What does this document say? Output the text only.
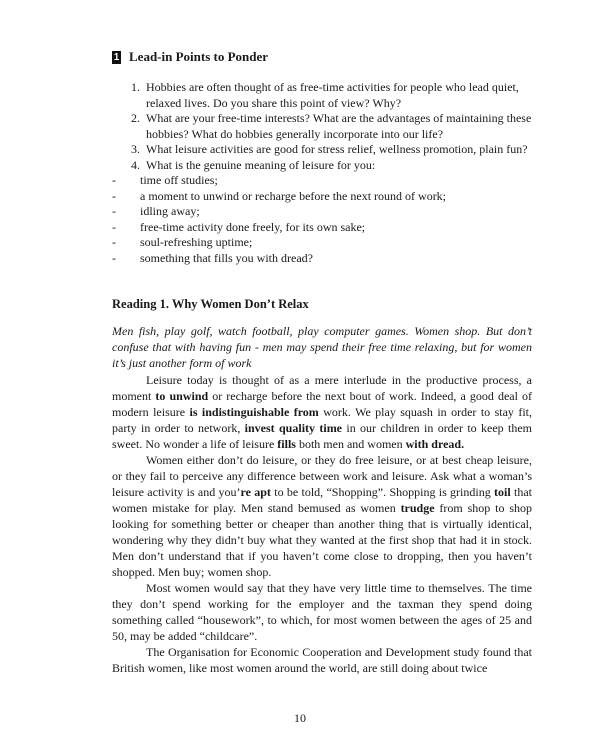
1 Lead-in Points to Ponder
1. Hobbies are often thought of as free-time activities for people who lead quiet, relaxed lives. Do you share this point of view? Why?
2. What are your free-time interests? What are the advantages of maintaining these hobbies? What do hobbies generally incorporate into our life?
3. What leisure activities are good for stress relief, wellness promotion, plain fun?
4. What is the genuine meaning of leisure for you:
-	time off studies;
-	a moment to unwind or recharge before the next round of work;
-	idling away;
-	free-time activity done freely, for its own sake;
-	soul-refreshing uptime;
-	something that fills you with dread?
Reading 1. Why Women Don’t Relax
Men fish, play golf, watch football, play computer games. Women shop. But don’t confuse that with having fun - men may spend their free time relaxing, but for women it’s just another form of work

Leisure today is thought of as a mere interlude in the productive process, a moment to unwind or recharge before the next bout of work. Indeed, a good deal of modern leisure is indistinguishable from work. We play squash in order to stay fit, party in order to network, invest quality time in our children in order to keep them sweet. No wonder a life of leisure fills both men and women with dread.

Women either don’t do leisure, or they do free leisure, or at best cheap leisure, or they fail to perceive any difference between work and leisure. Ask what a woman’s leisure activity is and you’re apt to be told, “Shopping”. Shopping is grinding toil that women mistake for play. Men stand bemused as women trudge from shop to shop looking for something better or cheaper than another thing that is virtually identical, wondering why they didn’t buy what they wanted at the first shop that had it in stock. Men don’t understand that if you haven’t come close to dropping, then you haven’t shopped. Men buy; women shop.

Most women would say that they have very little time to themselves. The time they don’t spend working for the employer and the taxman they spend doing something called “housework”, to which, for most women between the ages of 25 and 50, may be added “childcare”.

The Organisation for Economic Cooperation and Development study found that British women, like most women around the world, are still doing about twice

10
